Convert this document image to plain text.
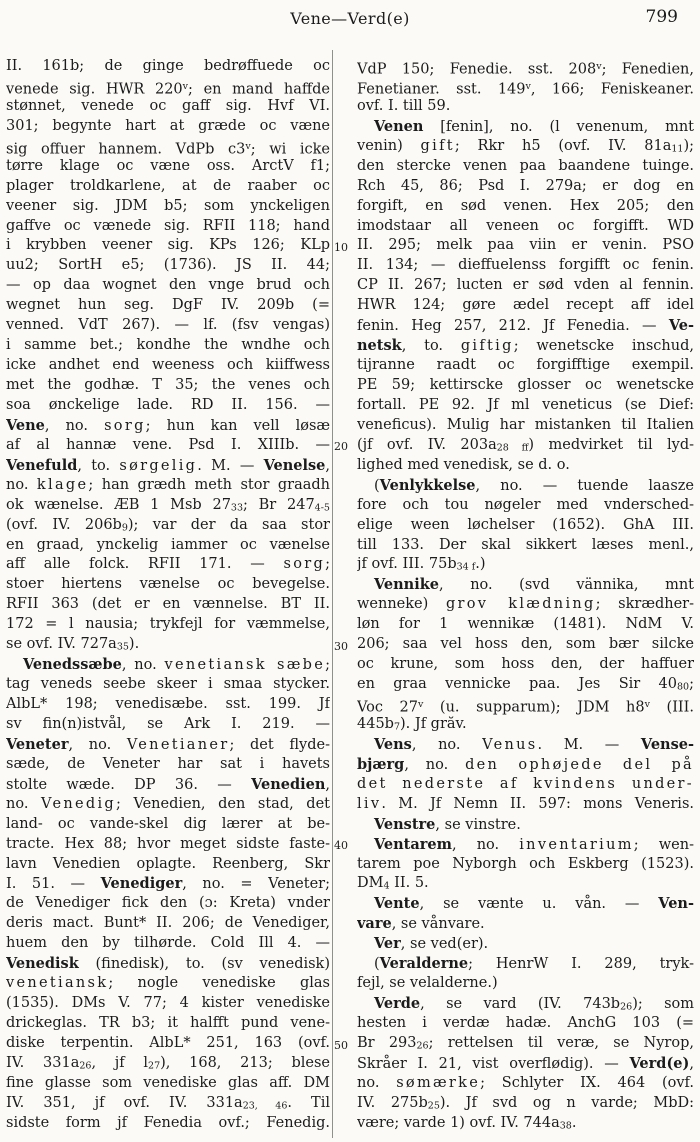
Vene—Verd(e)	799
II. 161b; de ginge bedrøffuede oc
venede sig. HWR 220$^v$; en mand haffde
stønnet, venede oc gaff sig. Hvf VI.
301; begynte hart at græde oc væne
sig offuer hannem. VdPb c3$^v$; wi icke
tørre klage oc væne oss. ArctV f1;
plager troldkarlene, at de raaber oc
veener sig. JDM b5; som ynckeligen
gaffve oc vænede sig. RFII 118; hand
i krybben veener sig. KPs 126; KLp
uu2; SortH e5; (1736). JS II. 44;
— op daa wognet den vnge brud och
wegnet hun seg. DgF IV. 209b (=
venned. VdT 267). — lf. (fsv vengas)
i samme bet.; kondhe the wndhe och
icke andhet end weeness och kiiffwess
met the godhæ. T 35; the venes och
soa ønckelige lade. RD II. 156. —
Vene, no. sorg; hun kan vell løsæ
af al hannæ vene. Psd I. XIIIb. —
Venefuld, to. sørgelig. M. — Venelse,
no. klage; han grædh meth stor graadh
ok wænelse. ÆB 1 Msb 2733; Br 2474-5
(ovf. IV. 206b9); var der da saa stor
en graad, ynckelig iammer oc vænelse
aff alle folck. RFII 171. — sorg;
stoer hiertens vænelse oc bevegelse.
RFII 363 (det er en vænnelse. BT II.
172 = l nausia; trykfejl for væmmelse,
se ovf. IV. 727a35).
Venedssæbe, no. venetiansk sæbe;
tag veneds seebe skeer i smaa stycker.
AlbL* 198; venedisæbe. sst. 199. Jf
sv fin(n)istvål, se Ark I. 219. —
Veneter, no. Venetianer; det flyde-
sæde, de Veneter har sat i havets
stolte wæde. DP 36. — Venedien,
no. Venedig; Venedien, den stad, det
land- oc vande-skel dig lærer at be-
tracte. Hex 88; hvor meget sidste faste-
lavn Venedien oplagte. Reenberg, Skr
I. 51. — Venediger, no. = Veneter;
de Venediger fick den (ɔ: Kreta) vnder
deris mact. Bunt* II. 206; de Venediger,
huem den by tilhørde. Cold Ill 4. —
Venedisk (finedisk), to. (sv venedisk)
venetiansk; nogle venediske glas
(1535). DMs V. 77; 4 kister venediske
drickeglas. TR b3; it halfft pund vene-
diske terpentin. AlbL* 251, 163 (ovf.
IV. 331a26, jf l27), 168, 213; blese
fine glasse som venediske glas aff. DM
IV. 351, jf ovf. IV. 331a23, 46. Til
sidste form jf Fenedia ovf.; Fenedig.
VdP 150; Fenedie. sst. 208$^v$; Fenedien,
Fenetianer. sst. 149$^v$, 166; Feniskeaner.
ovf. I. till 59.
Venen [fenin], no. (l venenum, mnt
venin) gift; Rkr h5 (ovf. IV. 81a11);
den stercke venen paa baandene tuinge.
Rch 45, 86; Psd I. 279a; er dog en
forgift, en sød venen. Hex 205; den
imodstaar all veneen oc forgifft. WD
II. 295; melk paa viin er venin. PSO
II. 134; — dieffuelenss forgifft oc fenin.
CP II. 267; lucten er sød vden al fennin.
HWR 124; gøre ædel recept aff idel
fenin. Heg 257, 212. Jf Fenedia. — Ve-
netsk, to. giftig; wenetscke inschud,
tijranne raadt oc forgifftige exempil.
PE 59; kettirscke glosser oc wenetscke
fortall. PE 92. Jf ml veneticus (se Dief:
veneficus). Mulig har mistanken til Italien
(jf ovf. IV. 203a28 ff) medvirket til lyd-
lighed med venedisk, se d. o.
(Venlykkelse, no. — tuende laasze
fore och tou nøgeler med vndersched-
elige ween løchelser (1652). GhA III.
till 133. Der skal sikkert læses menl.,
jf ovf. III. 75b34 f.)
Vennike, no. (svd vännika, mnt
wenneke) grov klædning; skrædher-
løn for 1 wennikæ (1481). NdM V.
206; saa vel hoss den, som bær silcke
oc krune, som hoss den, der haffuer
en graa vennicke paa. Jes Sir 4080;
Voc 27$^v$ (u. supparum); JDM h8$^v$ (III.
445b7). Jf grăv.
Vens, no. Venus. M. — Vense-
bjærg, no. den ophøjede del på
det nederste af kvindens under-
liv. M. Jf Nemn II. 597: mons Veneris.
Venstre, se vinstre.
Ventarem, no. inventarium; wen-
tarem poe Nyborgh och Eskberg (1523).
DM4 II. 5.
Vente, se vænte u. vån. — Ven-
vare, se vånvare.
Ver, se ved(er).
(Veralderne; HenrW I. 289, tryk-
fejl, se velalderne.)
Verde, se vard (IV. 743b26); som
hesten i verdæ hadæ. AnchG 103 (=
Br 29326; rettelsen til veræ, se Nyrop,
Skråer I. 21, vist overflødig). — Verd(e),
no. sømærke; Schlyter IX. 464 (ovf.
IV. 275b25). Jf svd og n varde; MbD:
være; varde 1) ovf. IV. 744a38.
10
20
30
40
50
